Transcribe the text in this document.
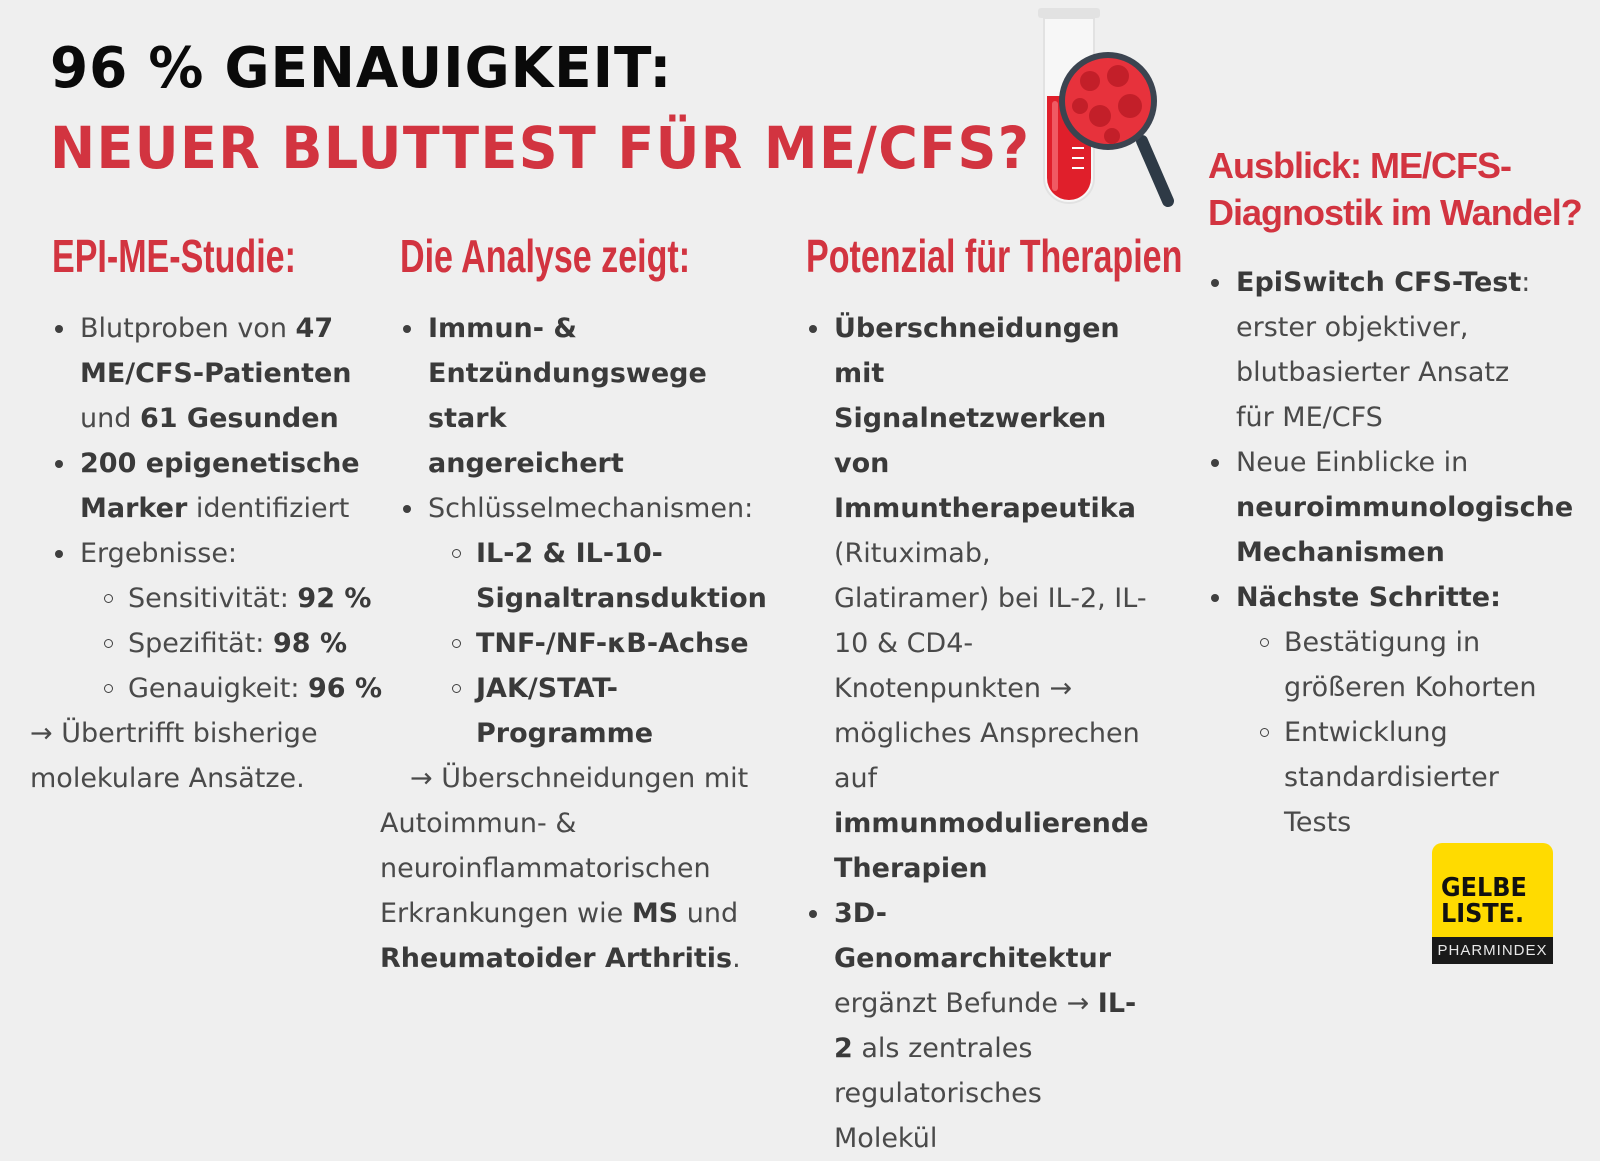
96 % GENAUIGKEIT:
NEUER BLUTTEST FÜR ME/CFS?
EPI-ME-Studie:
Blutproben von 47 ME/CFS-Patienten und 61 Gesunden
200 epigenetische Marker identifiziert
Ergebnisse:
Sensitivität: 92 %
Spezifität: 98 %
Genauigkeit: 96 %
→ Übertrifft bisherige molekulare Ansätze.
Die Analyse zeigt:
Immun- & Entzündungswege stark angereichert
Schlüsselmechanismen:
IL-2 & IL-10-Signaltransduktion
TNF-/NF-κB-Achse
JAK/STAT-Programme
→ Überschneidungen mit Autoimmun- & neuroinflammatorischen Erkrankungen wie MS und Rheumatoider Arthritis.
Potenzial für Therapien
Überschneidungen mit Signalnetzwerken von Immuntherapeutika (Rituximab, Glatiramer) bei IL-2, IL-10 & CD4-Knotenpunkten → mögliches Ansprechen auf immunmodulierende Therapien
3D-Genomarchitektur ergänzt Befunde → IL-2 als zentrales regulatorisches Molekül
Ausblick: ME/CFS-Diagnostik im Wandel?
EpiSwitch CFS-Test: erster objektiver, blutbasierter Ansatz für ME/CFS
Neue Einblicke in neuroimmunologische Mechanismen
Nächste Schritte:
Bestätigung in größeren Kohorten
Entwicklung standardisierter Tests
GELBE
LISTE.
PHARMINDEX
